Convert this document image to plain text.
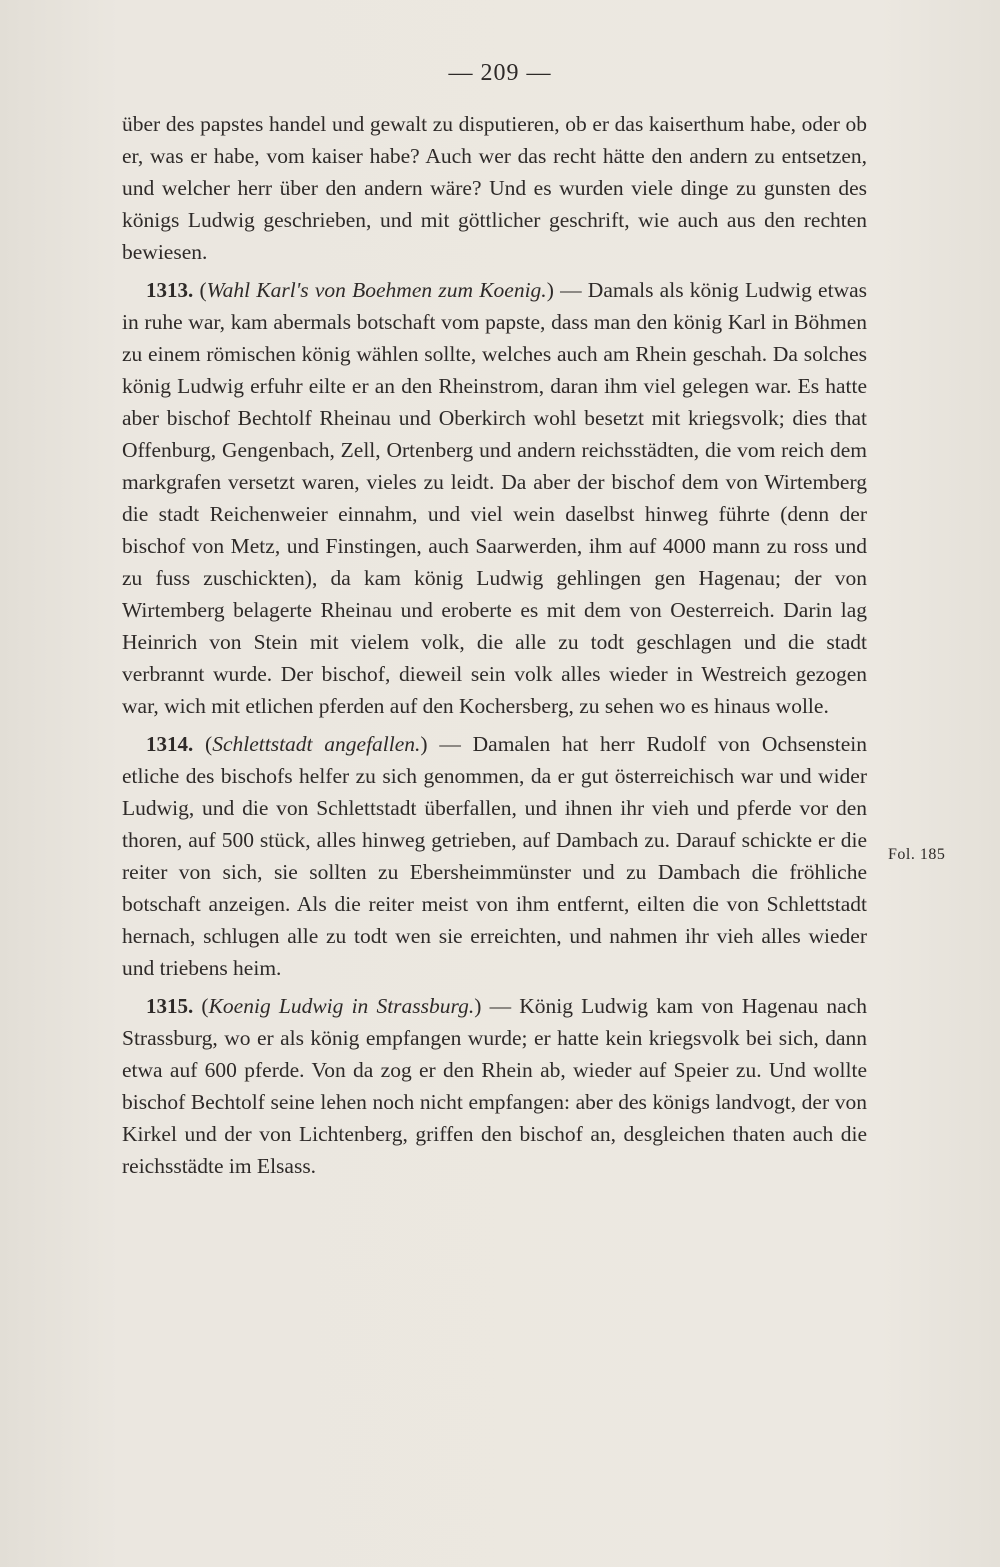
— 209 —

über des papstes handel und gewalt zu disputieren, ob er das kaiserthum habe, oder ob er, was er habe, vom kaiser habe? Auch wer das recht hätte den andern zu entsetzen, und welcher herr über den andern wäre? Und es wurden viele dinge zu gunsten des königs Ludwig geschrieben, und mit göttlicher geschrift, wie auch aus den rechten bewiesen.

1313. (Wahl Karl's von Boehmen zum Koenig.) — Damals als könig Ludwig etwas in ruhe war, kam abermals botschaft vom papste, dass man den könig Karl in Böhmen zu einem römischen könig wählen sollte, welches auch am Rhein geschah. Da solches könig Ludwig erfuhr eilte er an den Rheinstrom, daran ihm viel gelegen war. Es hatte aber bischof Bechtolf Rheinau und Oberkirch wohl besetzt mit kriegsvolk; dies that Offenburg, Gengenbach, Zell, Ortenberg und andern reichsstädten, die vom reich dem markgrafen versetzt waren, vieles zu leidt. Da aber der bischof dem von Wirtemberg die stadt Reichenweier einnahm, und viel wein daselbst hinweg führte (denn der bischof von Metz, und Finstingen, auch Saarwerden, ihm auf 4000 mann zu ross und zu fuss zuschickten), da kam könig Ludwig gehlingen gen Hagenau; der von Wirtemberg belagerte Rheinau und eroberte es mit dem von Oesterreich. Darin lag Heinrich von Stein mit vielem volk, die alle zu todt geschlagen und die stadt verbrannt wurde. Der bischof, dieweil sein volk alles wieder in Westreich gezogen war, wich mit etlichen pferden auf den Kochersberg, zu sehen wo es hinaus wolle.

1314. (Schlettstadt angefallen.) — Damalen hat herr Rudolf von Ochsenstein etliche des bischofs helfer zu sich genommen, da er gut österreichisch war und wider Ludwig, und die von Schlettstadt überfallen, und ihnen ihr vieh und pferde vor den thoren, auf 500 stück, alles hinweg getrieben, auf Dambach zu. Darauf schickte er die reiter von sich, sie sollten zu Ebersheimmünster und zu Dambach die fröhliche botschaft anzeigen. Als die reiter meist von ihm entfernt, eilten die von Schlettstadt hernach, schlugen alle zu todt wen sie erreichten, und nahmen ihr vieh alles wieder und triebens heim.

1315. (Koenig Ludwig in Strassburg.) — König Ludwig kam von Hagenau nach Strassburg, wo er als könig empfangen wurde; er hatte kein kriegsvolk bei sich, dann etwa auf 600 pferde. Von da zog er den Rhein ab, wieder auf Speier zu. Und wollte bischof Bechtolf seine lehen noch nicht empfangen: aber des königs landvogt, der von Kirkel und der von Lichtenberg, griffen den bischof an, desgleichen thaten auch die reichsstädte im Elsass.

Fol. 185
